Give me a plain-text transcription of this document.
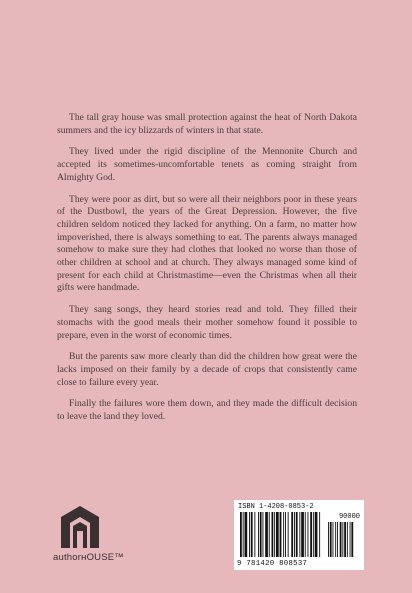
The tall gray house was small protection against the heat of North Dakota summers and the icy blizzards of winters in that state.

They lived under the rigid discipline of the Mennonite Church and accepted its sometimes-uncomfortable tenets as coming straight from Almighty God.

They were poor as dirt, but so were all their neighbors poor in these years of the Dustbowl, the years of the Great Depression. However, the five children seldom noticed they lacked for anything. On a farm, no matter how impoverished, there is always something to eat. The parents always managed somehow to make sure they had clothes that looked no worse than those of other children at school and at church. They always managed some kind of present for each child at Christmastime—even the Christmas when all their gifts were handmade.

They sang songs, they heard stories read and told. They filled their stomachs with the good meals their mother somehow found it possible to prepare, even in the worst of economic times.

But the parents saw more clearly than did the children how great were the lacks imposed on their family by a decade of crops that consistently came close to failure every year.

Finally the failures wore them down, and they made the difficult decision to leave the land they loved.

authorʜOUSE™
ISBN 1-4208-0853-2
90000
9 781420 808537
